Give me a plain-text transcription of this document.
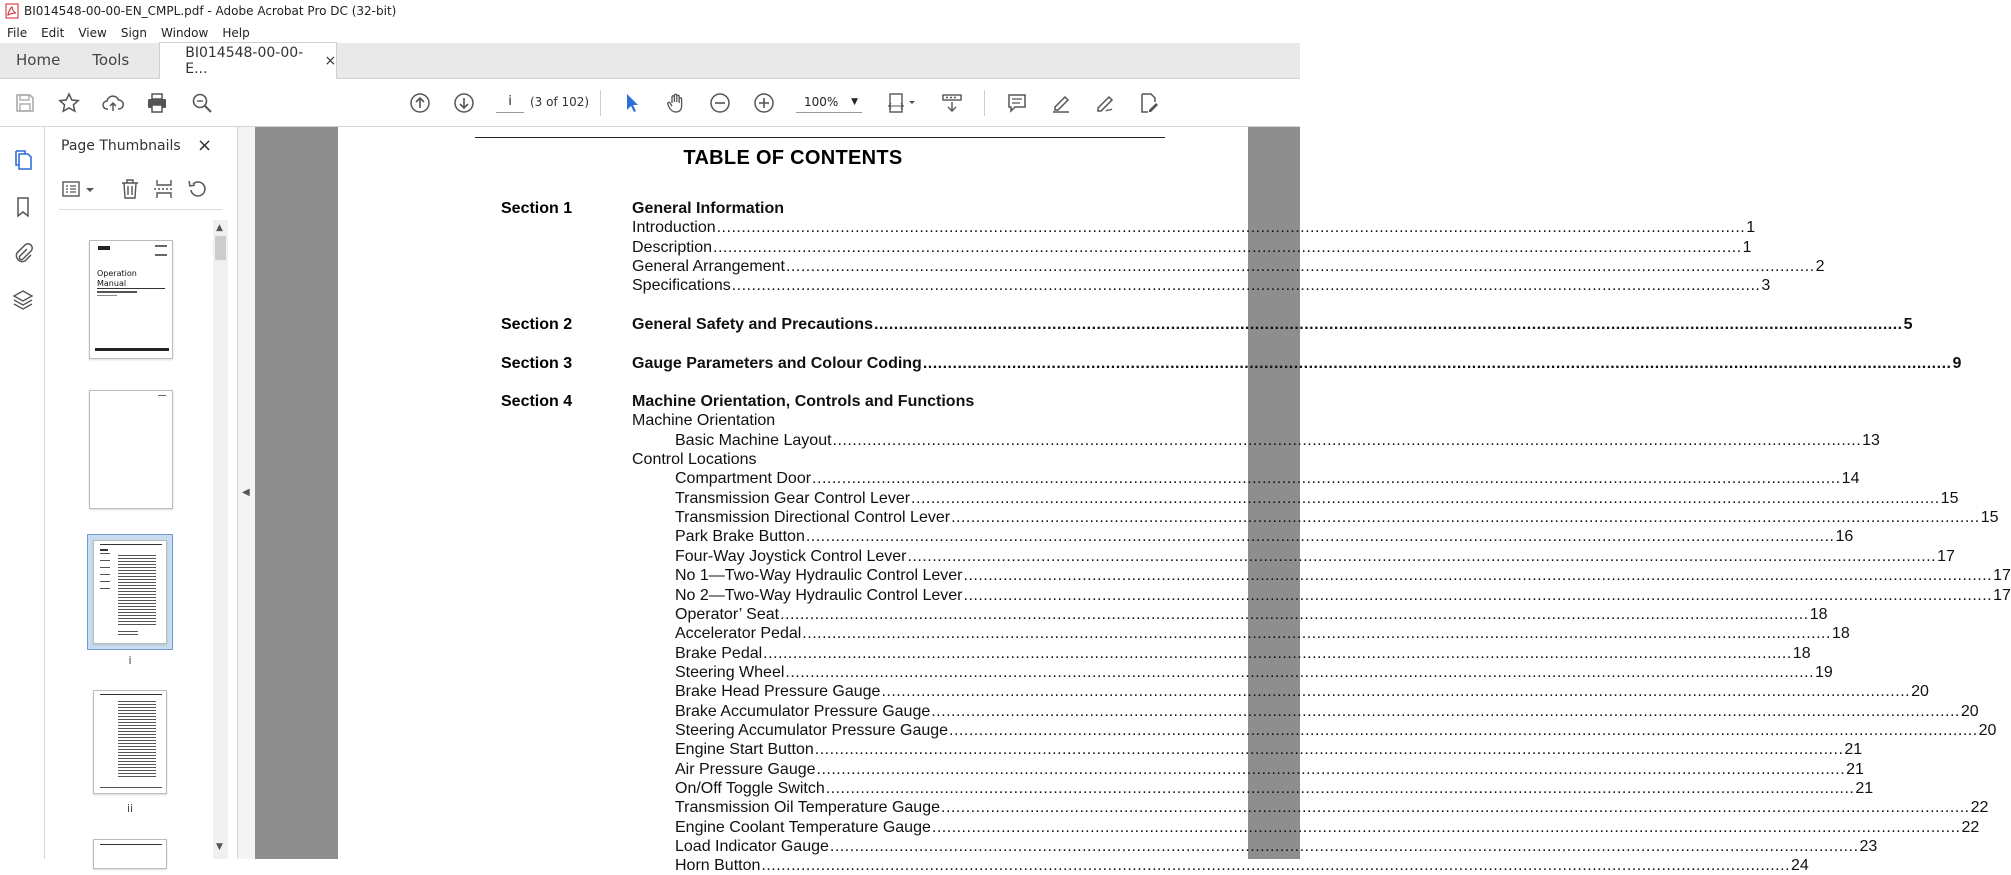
BI014548-00-00-EN_CMPL.pdf - Adobe Acrobat Pro DC (32-bit)
File	Edit	View	Sign	Window	Help
Home	Tools	BI014548-00-00-E...	×
i	(3 of 102)	100% ▼
Page Thumbnails ×
Operation
Manual
i
ii
▲
▼
◀
TABLE OF CONTENTS
Section 1	General Information
Introduction .....	1
Description .....	1
General Arrangement .....	2
Specifications .....	3
Section 2	General Safety and Precautions .....	5
Section 3	Gauge Parameters and Colour Coding .....	9
Section 4	Machine Orientation, Controls and Functions
Machine Orientation
Basic Machine Layout .....	13
Control Locations
Compartment Door .....	14
Transmission Gear Control Lever .....	15
Transmission Directional Control Lever .....	15
Park Brake Button .....	16
Four-Way Joystick Control Lever .....	17
No 1—Two-Way Hydraulic Control Lever .....	17
No 2—Two-Way Hydraulic Control Lever .....	17
Operator’ Seat .....	18
Accelerator Pedal .....	18
Brake Pedal .....	18
Steering Wheel .....	19
Brake Head Pressure Gauge .....	20
Brake Accumulator Pressure Gauge .....	20
Steering Accumulator Pressure Gauge .....	20
Engine Start Button .....	21
Air Pressure Gauge .....	21
On/Off Toggle Switch .....	21
Transmission Oil Temperature Gauge .....	22
Engine Coolant Temperature Gauge .....	22
Load Indicator Gauge .....	23
Horn Button .....	24
